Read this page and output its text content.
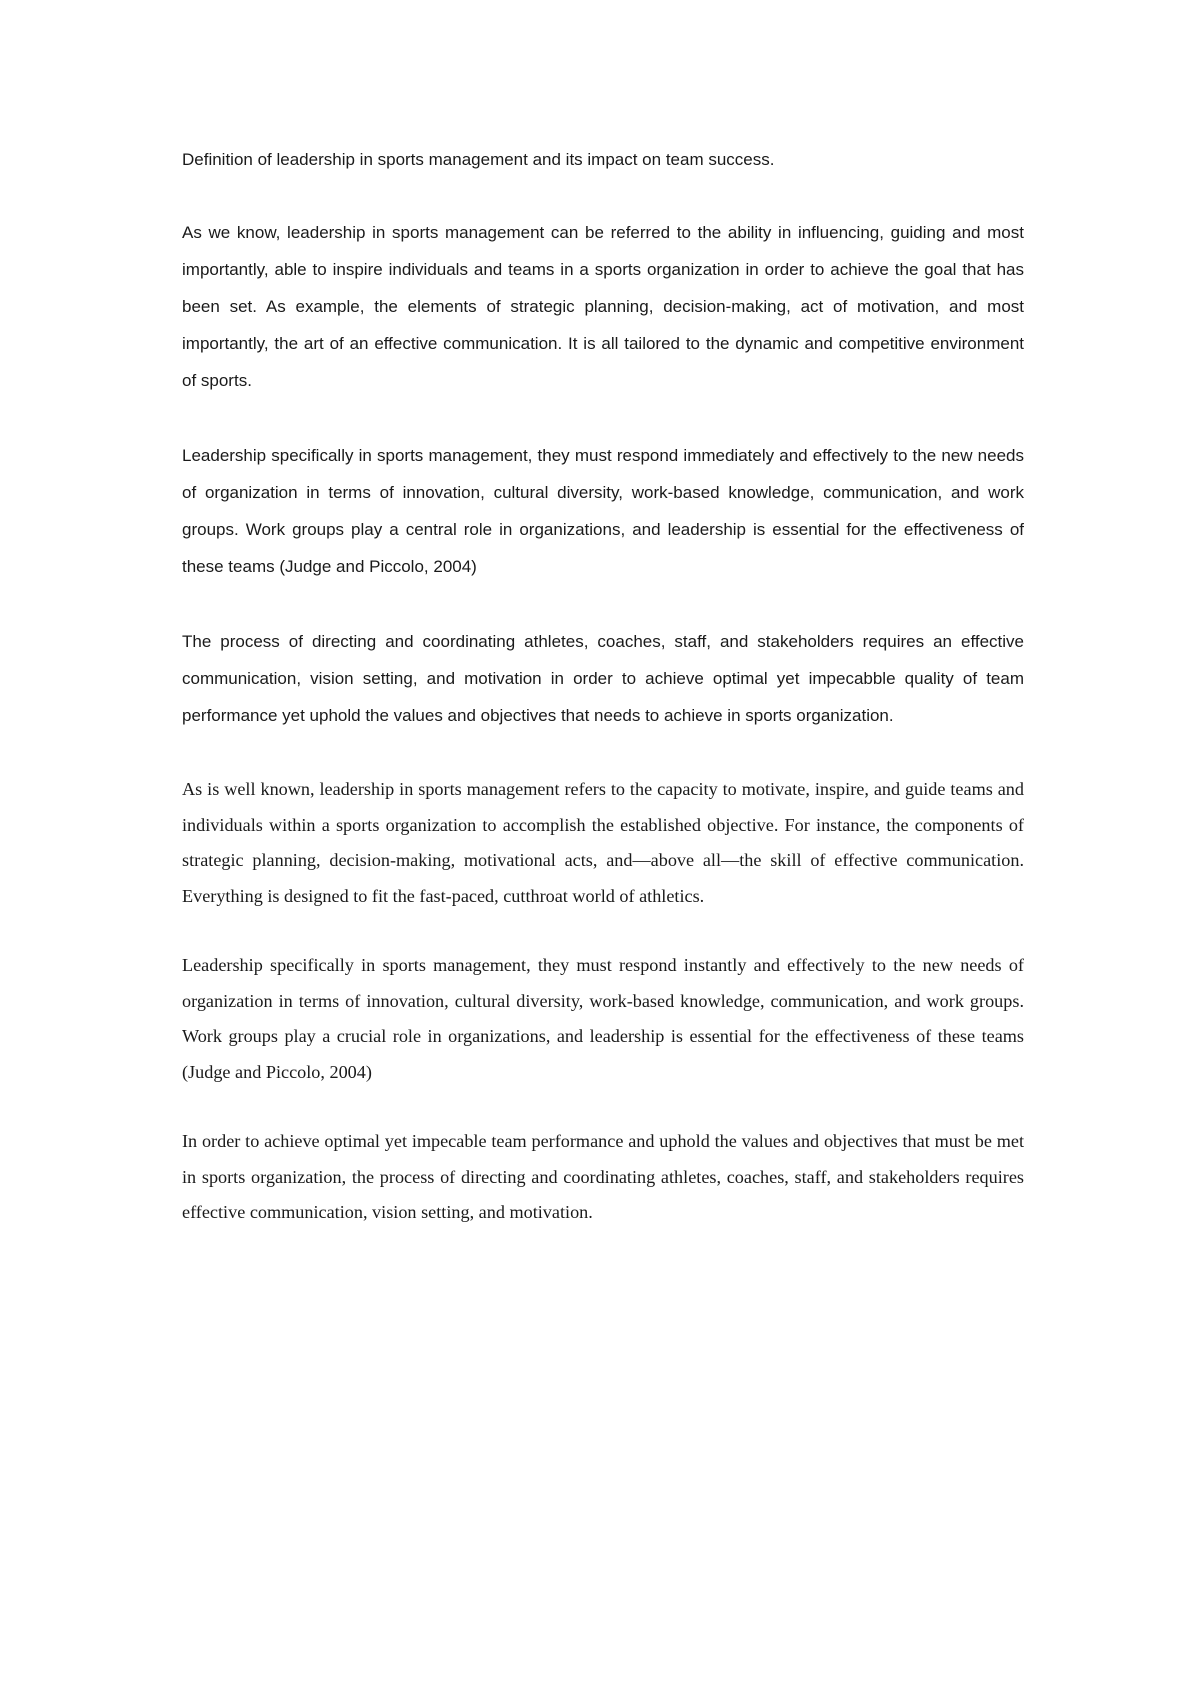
Definition of leadership in sports management and its impact on team success.

As we know, leadership in sports management can be referred to the ability in influencing, guiding and most importantly, able to inspire individuals and teams in a sports organization in order to achieve the goal that has been set. As example, the elements of strategic planning, decision-making, act of motivation, and most importantly, the art of an effective communication. It is all tailored to the dynamic and competitive environment of sports.

Leadership specifically in sports management, they must respond immediately and effectively to the new needs of organization in terms of innovation, cultural diversity, work-based knowledge, communication, and work groups. Work groups play a central role in organizations, and leadership is essential for the effectiveness of these teams (Judge and Piccolo, 2004)

The process of directing and coordinating athletes, coaches, staff, and stakeholders requires an effective communication, vision setting, and motivation in order to achieve optimal yet impecabble quality of team performance yet uphold the values and objectives that needs to achieve in sports organization.

As is well known, leadership in sports management refers to the capacity to motivate, inspire, and guide teams and individuals within a sports organization to accomplish the established objective. For instance, the components of strategic planning, decision-making, motivational acts, and—above all—the skill of effective communication. Everything is designed to fit the fast-paced, cutthroat world of athletics.

Leadership specifically in sports management, they must respond instantly and effectively to the new needs of organization in terms of innovation, cultural diversity, work-based knowledge, communication, and work groups. Work groups play a crucial role in organizations, and leadership is essential for the effectiveness of these teams (Judge and Piccolo, 2004)

In order to achieve optimal yet impecable team performance and uphold the values and objectives that must be met in sports organization, the process of directing and coordinating athletes, coaches, staff, and stakeholders requires effective communication, vision setting, and motivation.
